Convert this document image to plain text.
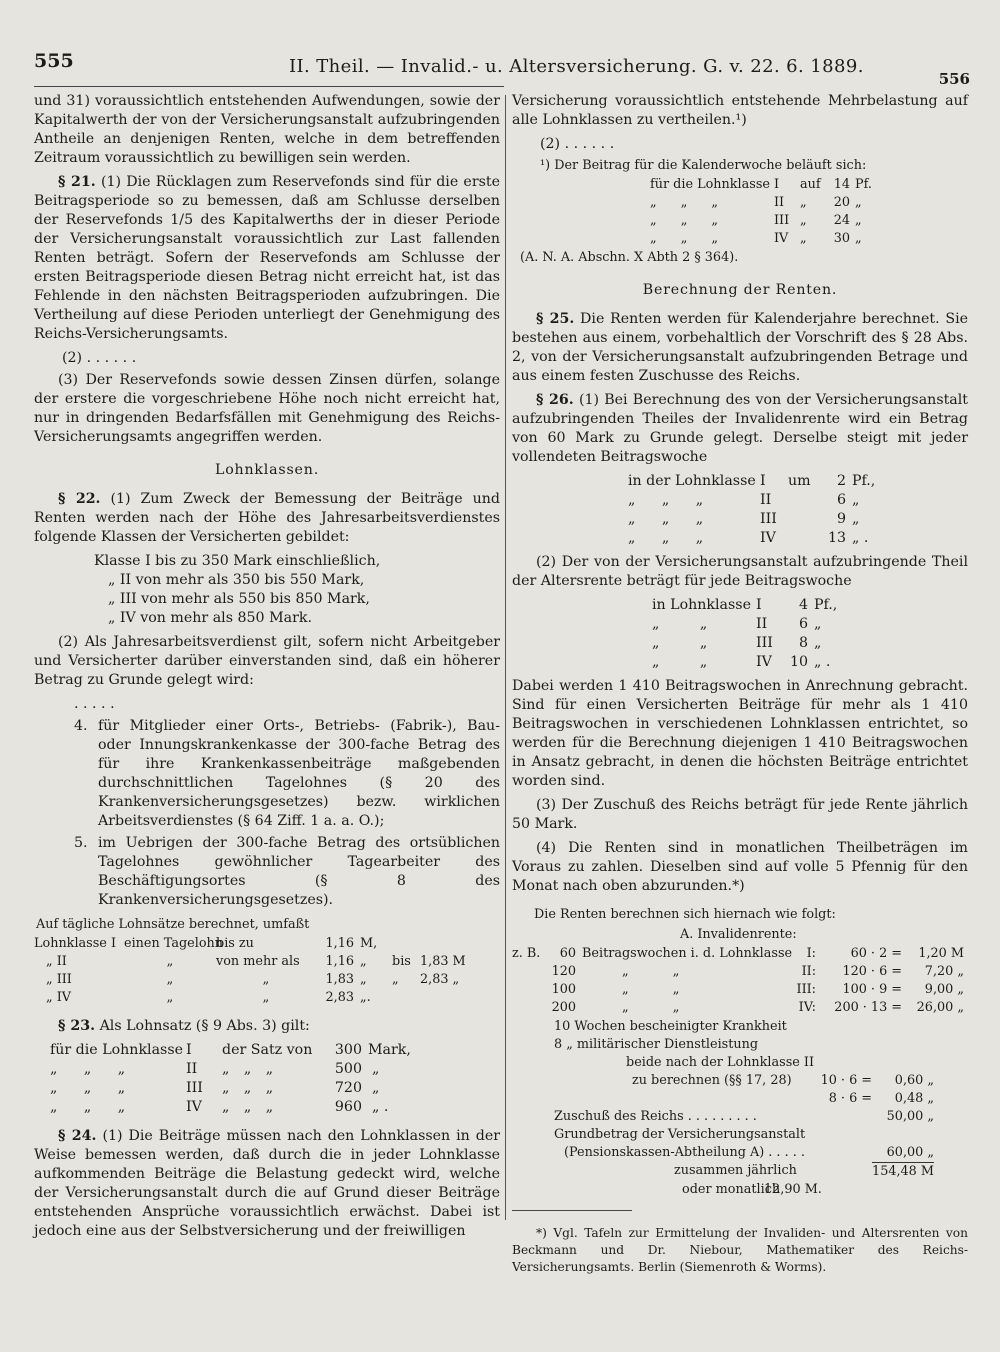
555	II. Theil. — Invalid.- u. Altersversicherung. G. v. 22. 6. 1889.
556

und 31) voraussichtlich entstehenden Aufwendungen, sowie der Kapitalwerth der von der Versicherungsanstalt aufzubringenden Antheile an denjenigen Renten, welche in dem betreffenden Zeitraum voraussichtlich zu bewilligen sein werden.

§ 21. (1) Die Rücklagen zum Reservefonds sind für die erste Beitragsperiode so zu bemessen, daß am Schlusse derselben der Reservefonds 1/5 des Kapitalwerths der in dieser Periode der Versicherungsanstalt voraussichtlich zur Last fallenden Renten beträgt. Sofern der Reservefonds am Schlusse der ersten Beitragsperiode diesen Betrag nicht erreicht hat, ist das Fehlende in den nächsten Beitragsperioden aufzubringen. Die Vertheilung auf diese Perioden unterliegt der Genehmigung des Reichs-Versicherungsamts.

(2) . . . . . .

(3) Der Reservefonds sowie dessen Zinsen dürfen, solange der erstere die vorgeschriebene Höhe noch nicht erreicht hat, nur in dringenden Bedarfsfällen mit Genehmigung des Reichs-Versicherungsamts angegriffen werden.

Lohnklassen.

§ 22. (1) Zum Zweck der Bemessung der Beiträge und Renten werden nach der Höhe des Jahresarbeitsverdienstes folgende Klassen der Versicherten gebildet:

Klasse I bis zu 350 Mark einschließlich,
„ II von mehr als 350 bis 550 Mark,
„ III von mehr als 550 bis 850 Mark,
„ IV von mehr als 850 Mark.

(2) Als Jahresarbeitsverdienst gilt, sofern nicht Arbeitgeber und Versicherter darüber einverstanden sind, daß ein höherer Betrag zu Grunde gelegt wird:

. . . . .
4. für Mitglieder einer Orts-, Betriebs- (Fabrik-), Bau- oder Innungskrankenkasse der 300-fache Betrag des für ihre Krankenkassenbeiträge maßgebenden durchschnittlichen Tagelohnes (§ 20 des Krankenversicherungsgesetzes) bezw. wirklichen Arbeitsverdienstes (§ 64 Ziff. 1 a. a. O.);
5. im Uebrigen der 300-fache Betrag des ortsüblichen Tagelohnes gewöhnlicher Tagearbeiter des Beschäftigungsortes (§ 8 des Krankenversicherungsgesetzes).
Auf tägliche Lohnsätze berechnet, umfaßt
Lohnklasse I einen Tagelohn
bis zu	1,16 M,
„ II	„	von mehr als	1,16 „	bis 1,83 M
„ III	„	„	1,83 „	„	2,83 „
„ IV	„	„	2,83 „.

§ 23. Als Lohnsatz (§ 9 Abs. 3) gilt:

für die Lohnklasse I	der Satz von	300 Mark,
„ „ „	II	„ „ „	500 „
„ „ „	III	„ „ „	720 „
„ „ „	IV	„ „ „	960 „ .

§ 24. (1) Die Beiträge müssen nach den Lohnklassen in der Weise bemessen werden, daß durch die in jeder Lohnklasse aufkommenden Beiträge die Belastung gedeckt wird, welche der Versicherungsanstalt durch die auf Grund dieser Beiträge entstehenden Ansprüche voraussichtlich erwächst. Dabei ist jedoch eine aus der Selbstversicherung und der freiwilligen

Versicherung voraussichtlich entstehende Mehrbelastung auf alle Lohnklassen zu vertheilen.¹)

(2) . . . . . .
¹) Der Beitrag für die Kalenderwoche beläuft sich:
für die Lohnklasse I	auf	14 Pf.
„ „ „	II	„	20 „
„ „ „	III „	24 „
„ „ „	IV „	30 „
(A. N. A. Abschn. X Abth 2 § 364).
Berechnung der Renten.

§ 25. Die Renten werden für Kalenderjahre berechnet. Sie bestehen aus einem, vorbehaltlich der Vorschrift des § 28 Abs. 2, von der Versicherungsanstalt aufzubringenden Betrage und aus einem festen Zuschusse des Reichs.

§ 26. (1) Bei Berechnung des von der Versicherungsanstalt aufzubringenden Theiles der Invalidenrente wird ein Betrag von 60 Mark zu Grunde gelegt. Derselbe steigt mit jeder vollendeten Beitragswoche

in der Lohnklasse I	um	2 Pf.,
„ „ „	II	6 „
„ „ „	III	9 „
„ „ „	IV	13 „ .

(2) Der von der Versicherungsanstalt aufzubringende Theil der Altersrente beträgt für jede Beitragswoche

in Lohnklasse I	4 Pf.,
„ „	II	6 „
„ „	III	8 „
„ „	IV	10 „ .

Dabei werden 1 410 Beitragswochen in Anrechnung gebracht. Sind für einen Versicherten Beiträge für mehr als 1 410 Beitragswochen in verschiedenen Lohnklassen entrichtet, so werden für die Berechnung diejenigen 1 410 Beitragswochen in Ansatz gebracht, in denen die höchsten Beiträge entrichtet worden sind.

(3) Der Zuschuß des Reichs beträgt für jede Rente jährlich 50 Mark.

(4) Die Renten sind in monatlichen Theilbeträgen im Voraus zu zahlen. Dieselben sind auf volle 5 Pfennig für den Monat nach oben abzurunden.*)

Die Renten berechnen sich hiernach wie folgt:
A. Invalidenrente:
z. B.	60 Beitragswochen i. d. Lohnklasse	I:	60 · 2 =	1,20 M
120	„ „	II:	120 · 6 =	7,20 „
100	„ „	III:	100 · 9 =	9,00 „
200	„ „	IV:	200 · 13 =	26,00 „
10 Wochen bescheinigter Krankheit
8 „ militärischer Dienstleistung
beide nach der Lohnklasse II
zu berechnen (§§ 17, 28)	10 · 6 =	0,60 „
8 · 6 =	0,48 „
Zuschuß des Reichs . . . . . . . . .	50,00 „
Grundbetrag der Versicherungsanstalt
(Pensionskassen-Abtheilung A) . . . . .	60,00 „
zusammen jährlich	154,48 M
oder monatlich
12,90 M.

*) Vgl. Tafeln zur Ermittelung der Invaliden- und Altersrenten von Beckmann und Dr. Niebour, Mathematiker des Reichs-Versicherungsamts. Berlin (Siemenroth & Worms).
